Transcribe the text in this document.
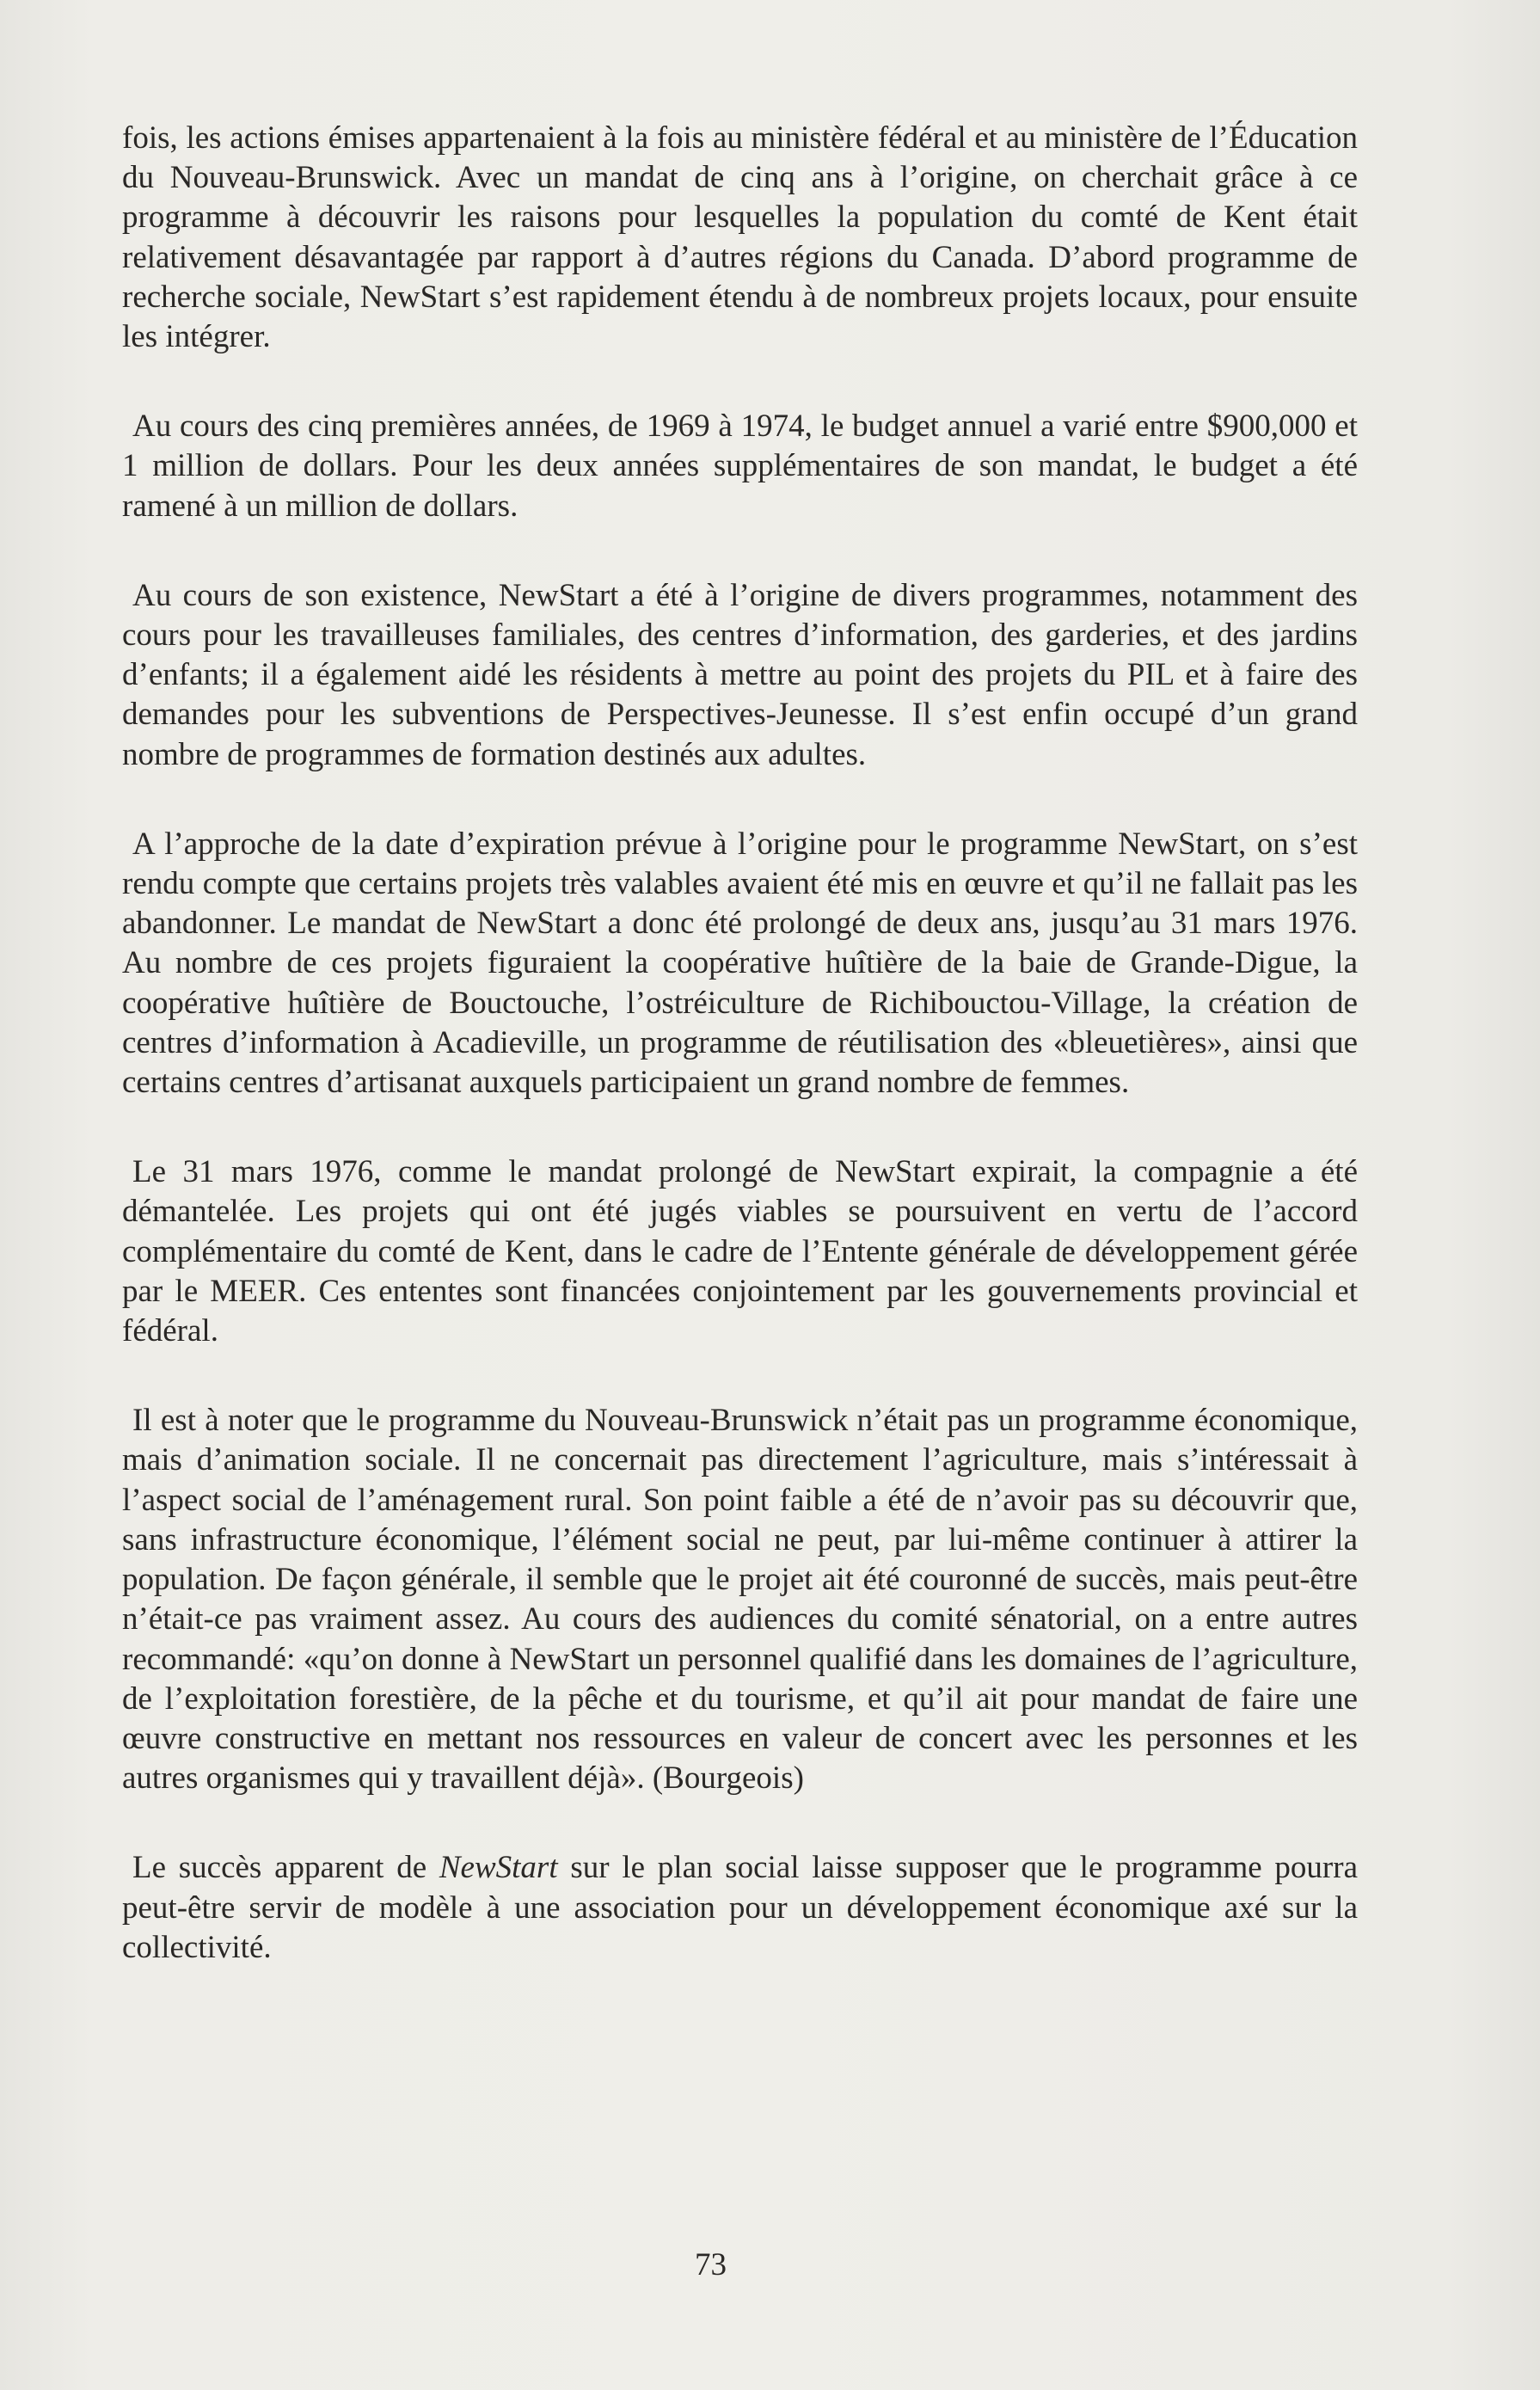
fois, les actions émises appartenaient à la fois au ministère fédéral et au ministère de l’Éducation du Nouveau-Brunswick. Avec un mandat de cinq ans à l’origine, on cherchait grâce à ce programme à découvrir les raisons pour lesquelles la population du comté de Kent était relativement désavantagée par rapport à d’autres régions du Canada. D’abord programme de recherche sociale, NewStart s’est rapidement étendu à de nombreux projets locaux, pour ensuite les intégrer.

Au cours des cinq premières années, de 1969 à 1974, le budget annuel a varié entre $900,000 et 1 million de dollars. Pour les deux années supplémentaires de son mandat, le budget a été ramené à un million de dollars.

Au cours de son existence, NewStart a été à l’origine de divers programmes, notamment des cours pour les travailleuses familiales, des centres d’information, des garderies, et des jardins d’enfants; il a également aidé les résidents à mettre au point des projets du PIL et à faire des demandes pour les subventions de Perspectives-Jeunesse. Il s’est enfin occupé d’un grand nombre de programmes de formation destinés aux adultes.

A l’approche de la date d’expiration prévue à l’origine pour le programme NewStart, on s’est rendu compte que certains projets très valables avaient été mis en œuvre et qu’il ne fallait pas les abandonner. Le mandat de NewStart a donc été prolongé de deux ans, jusqu’au 31 mars 1976. Au nombre de ces projets figuraient la coopérative huîtière de la baie de Grande-Digue, la coopérative huîtière de Bouctouche, l’ostréiculture de Richibouctou-Village, la création de centres d’information à Acadieville, un programme de réutilisation des «bleuetières», ainsi que certains centres d’artisanat auxquels participaient un grand nombre de femmes.

Le 31 mars 1976, comme le mandat prolongé de NewStart expirait, la compagnie a été démantelée. Les projets qui ont été jugés viables se poursuivent en vertu de l’accord complémentaire du comté de Kent, dans le cadre de l’Entente générale de développement gérée par le MEER. Ces ententes sont financées conjointement par les gouvernements provincial et fédéral.

Il est à noter que le programme du Nouveau-Brunswick n’était pas un programme économique, mais d’animation sociale. Il ne concernait pas directement l’agriculture, mais s’intéressait à l’aspect social de l’aménagement rural. Son point faible a été de n’avoir pas su découvrir que, sans infrastructure économique, l’élément social ne peut, par lui-même continuer à attirer la population. De façon générale, il semble que le projet ait été couronné de succès, mais peut-être n’était-ce pas vraiment assez. Au cours des audiences du comité sénatorial, on a entre autres recommandé: «qu’on donne à NewStart un personnel qualifié dans les domaines de l’agriculture, de l’exploitation forestière, de la pêche et du tourisme, et qu’il ait pour mandat de faire une œuvre constructive en mettant nos ressources en valeur de concert avec les personnes et les autres organismes qui y travaillent déjà». (Bourgeois)

Le succès apparent de NewStart sur le plan social laisse supposer que le programme pourra peut-être servir de modèle à une association pour un développement économique axé sur la collectivité.

73
